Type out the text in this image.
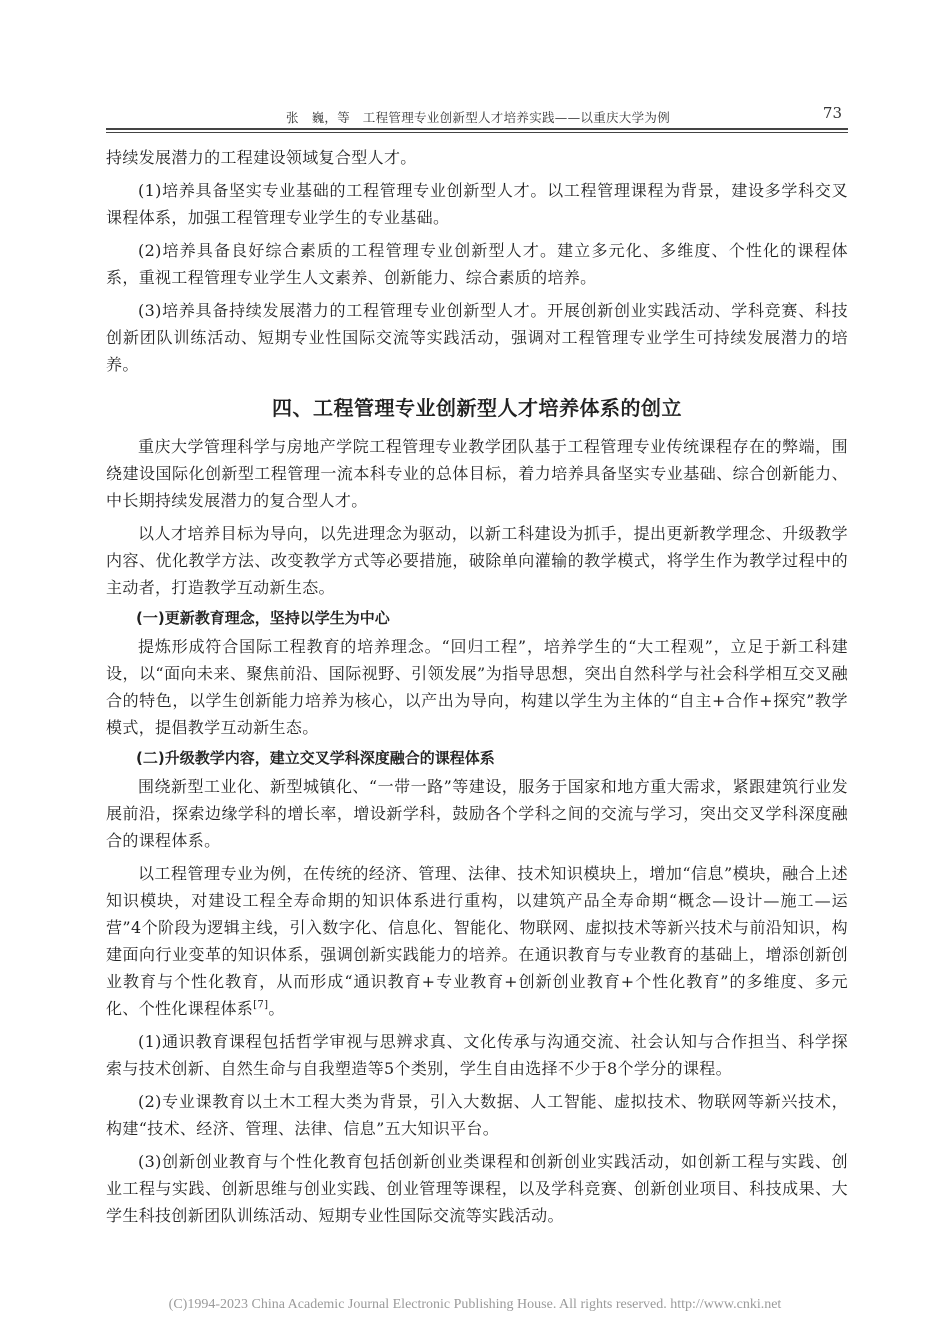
张　巍，等　工程管理专业创新型人才培养实践——以重庆大学为例	73

持续发展潜力的工程建设领域复合型人才。

(1)培养具备坚实专业基础的工程管理专业创新型人才。以工程管理课程为背景，建设多学科交叉课程体系，加强工程管理专业学生的专业基础。

(2)培养具备良好综合素质的工程管理专业创新型人才。建立多元化、多维度、个性化的课程体系，重视工程管理专业学生人文素养、创新能力、综合素质的培养。

(3)培养具备持续发展潜力的工程管理专业创新型人才。开展创新创业实践活动、学科竞赛、科技创新团队训练活动、短期专业性国际交流等实践活动，强调对工程管理专业学生可持续发展潜力的培养。

四、工程管理专业创新型人才培养体系的创立

重庆大学管理科学与房地产学院工程管理专业教学团队基于工程管理专业传统课程存在的弊端，围绕建设国际化创新型工程管理一流本科专业的总体目标，着力培养具备坚实专业基础、综合创新能力、中长期持续发展潜力的复合型人才。

以人才培养目标为导向，以先进理念为驱动，以新工科建设为抓手，提出更新教学理念、升级教学内容、优化教学方法、改变教学方式等必要措施，破除单向灌输的教学模式，将学生作为教学过程中的主动者，打造教学互动新生态。

(一)更新教育理念，坚持以学生为中心

提炼形成符合国际工程教育的培养理念。“回归工程”，培养学生的“大工程观”，立足于新工科建设，以“面向未来、聚焦前沿、国际视野、引领发展”为指导思想，突出自然科学与社会科学相互交叉融合的特色，以学生创新能力培养为核心，以产出为导向，构建以学生为主体的“自主+合作+探究”教学模式，提倡教学互动新生态。

(二)升级教学内容，建立交叉学科深度融合的课程体系

围绕新型工业化、新型城镇化、“一带一路”等建设，服务于国家和地方重大需求，紧跟建筑行业发展前沿，探索边缘学科的增长率，增设新学科，鼓励各个学科之间的交流与学习，突出交叉学科深度融合的课程体系。

以工程管理专业为例，在传统的经济、管理、法律、技术知识模块上，增加“信息”模块，融合上述知识模块，对建设工程全寿命期的知识体系进行重构，以建筑产品全寿命期“概念—设计—施工—运营”4个阶段为逻辑主线，引入数字化、信息化、智能化、物联网、虚拟技术等新兴技术与前沿知识，构建面向行业变革的知识体系，强调创新实践能力的培养。在通识教育与专业教育的基础上，增添创新创业教育与个性化教育，从而形成“通识教育+专业教育+创新创业教育+个性化教育”的多维度、多元化、个性化课程体系[7]。

(1)通识教育课程包括哲学审视与思辨求真、文化传承与沟通交流、社会认知与合作担当、科学探索与技术创新、自然生命与自我塑造等5个类别，学生自由选择不少于8个学分的课程。

(2)专业课教育以土木工程大类为背景，引入大数据、人工智能、虚拟技术、物联网等新兴技术，构建“技术、经济、管理、法律、信息”五大知识平台。

(3)创新创业教育与个性化教育包括创新创业类课程和创新创业实践活动，如创新工程与实践、创业工程与实践、创新思维与创业实践、创业管理等课程，以及学科竞赛、创新创业项目、科技成果、大学生科技创新团队训练活动、短期专业性国际交流等实践活动。

(C)1994-2023 China Academic Journal Electronic Publishing House. All rights reserved. http://www.cnki.net
